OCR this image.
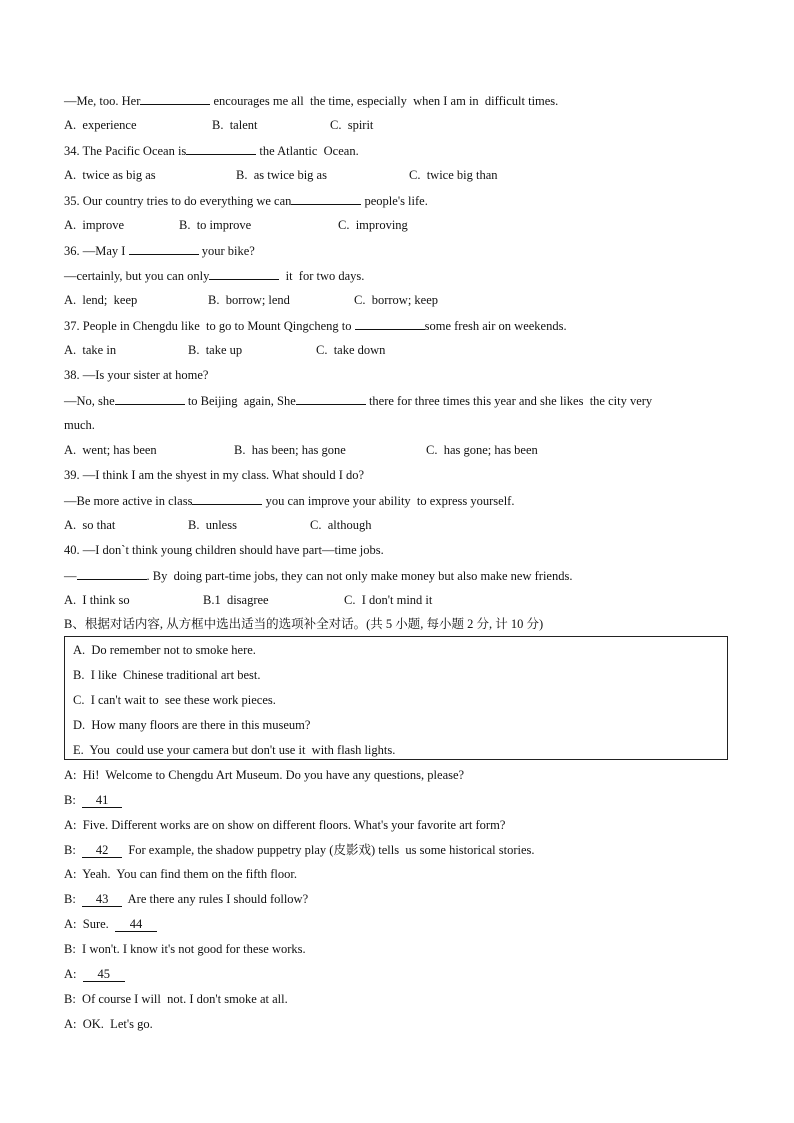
—Me, too. Her	encourages me all  the time, especially  when I am in  difficult times.
A.  experience	B.  talent	C.  spirit
34. The Pacific Ocean is	the Atlantic  Ocean.
A.  twice as big as	B.  as twice big as	C.  twice big than
35. Our country tries to do everything we can	people's life.
A.  improve	B.  to improve	C.  improving
36. —May I	your bike?
—certainly, but you can only	it  for two days.
A.  lend;  keep	B.  borrow; lend	C.  borrow; keep
37. People in Chengdu like  to go to Mount Qingcheng to	some fresh air on weekends.
A.  take in	B.  take up	C.  take down
38. —Is your sister at home?
—No, she	to Beijing  again, She	there for three times this year and she likes  the city very
much.
A.  went; has been	B.  has been; has gone	C.  has gone; has been
39. —I think I am the shyest in my class. What should I do?
—Be more active in class	you can improve your ability  to express yourself.
A.  so that	B.  unless	C.  although
40. —I don`t think young children should have part—time jobs.
—	. By  doing part-time jobs, they can not only make money but also make new friends.
A.  I think so	B.1  disagree	C.  I don't mind it
B、根据对话内容, 从方框中选出适当的选项补全对话。(共 5 小题, 每小题 2 分, 计 10 分)
A.  Do remember not to smoke here.
B.  I like  Chinese traditional art best.
C.  I can't wait to  see these work pieces.
D.  How many floors are there in this museum?
E.  You  could use your camera but don't use it  with flash lights.
A:  Hi!  Welcome to Chengdu Art Museum. Do you have any questions, please?
B:  41
A:  Five. Different works are on show on different floors. What's your favorite art form?
B:  42  For example, the shadow puppetry play (皮影戏) tells  us some historical stories.
A:  Yeah.  You can find them on the fifth floor.
B:  43  Are there any rules I should follow?
A:  Sure.  44
B:  I won't. I know it's not good for these works.
A:  45
B:  Of course I will  not. I don't smoke at all.
A:  OK.  Let's go.
